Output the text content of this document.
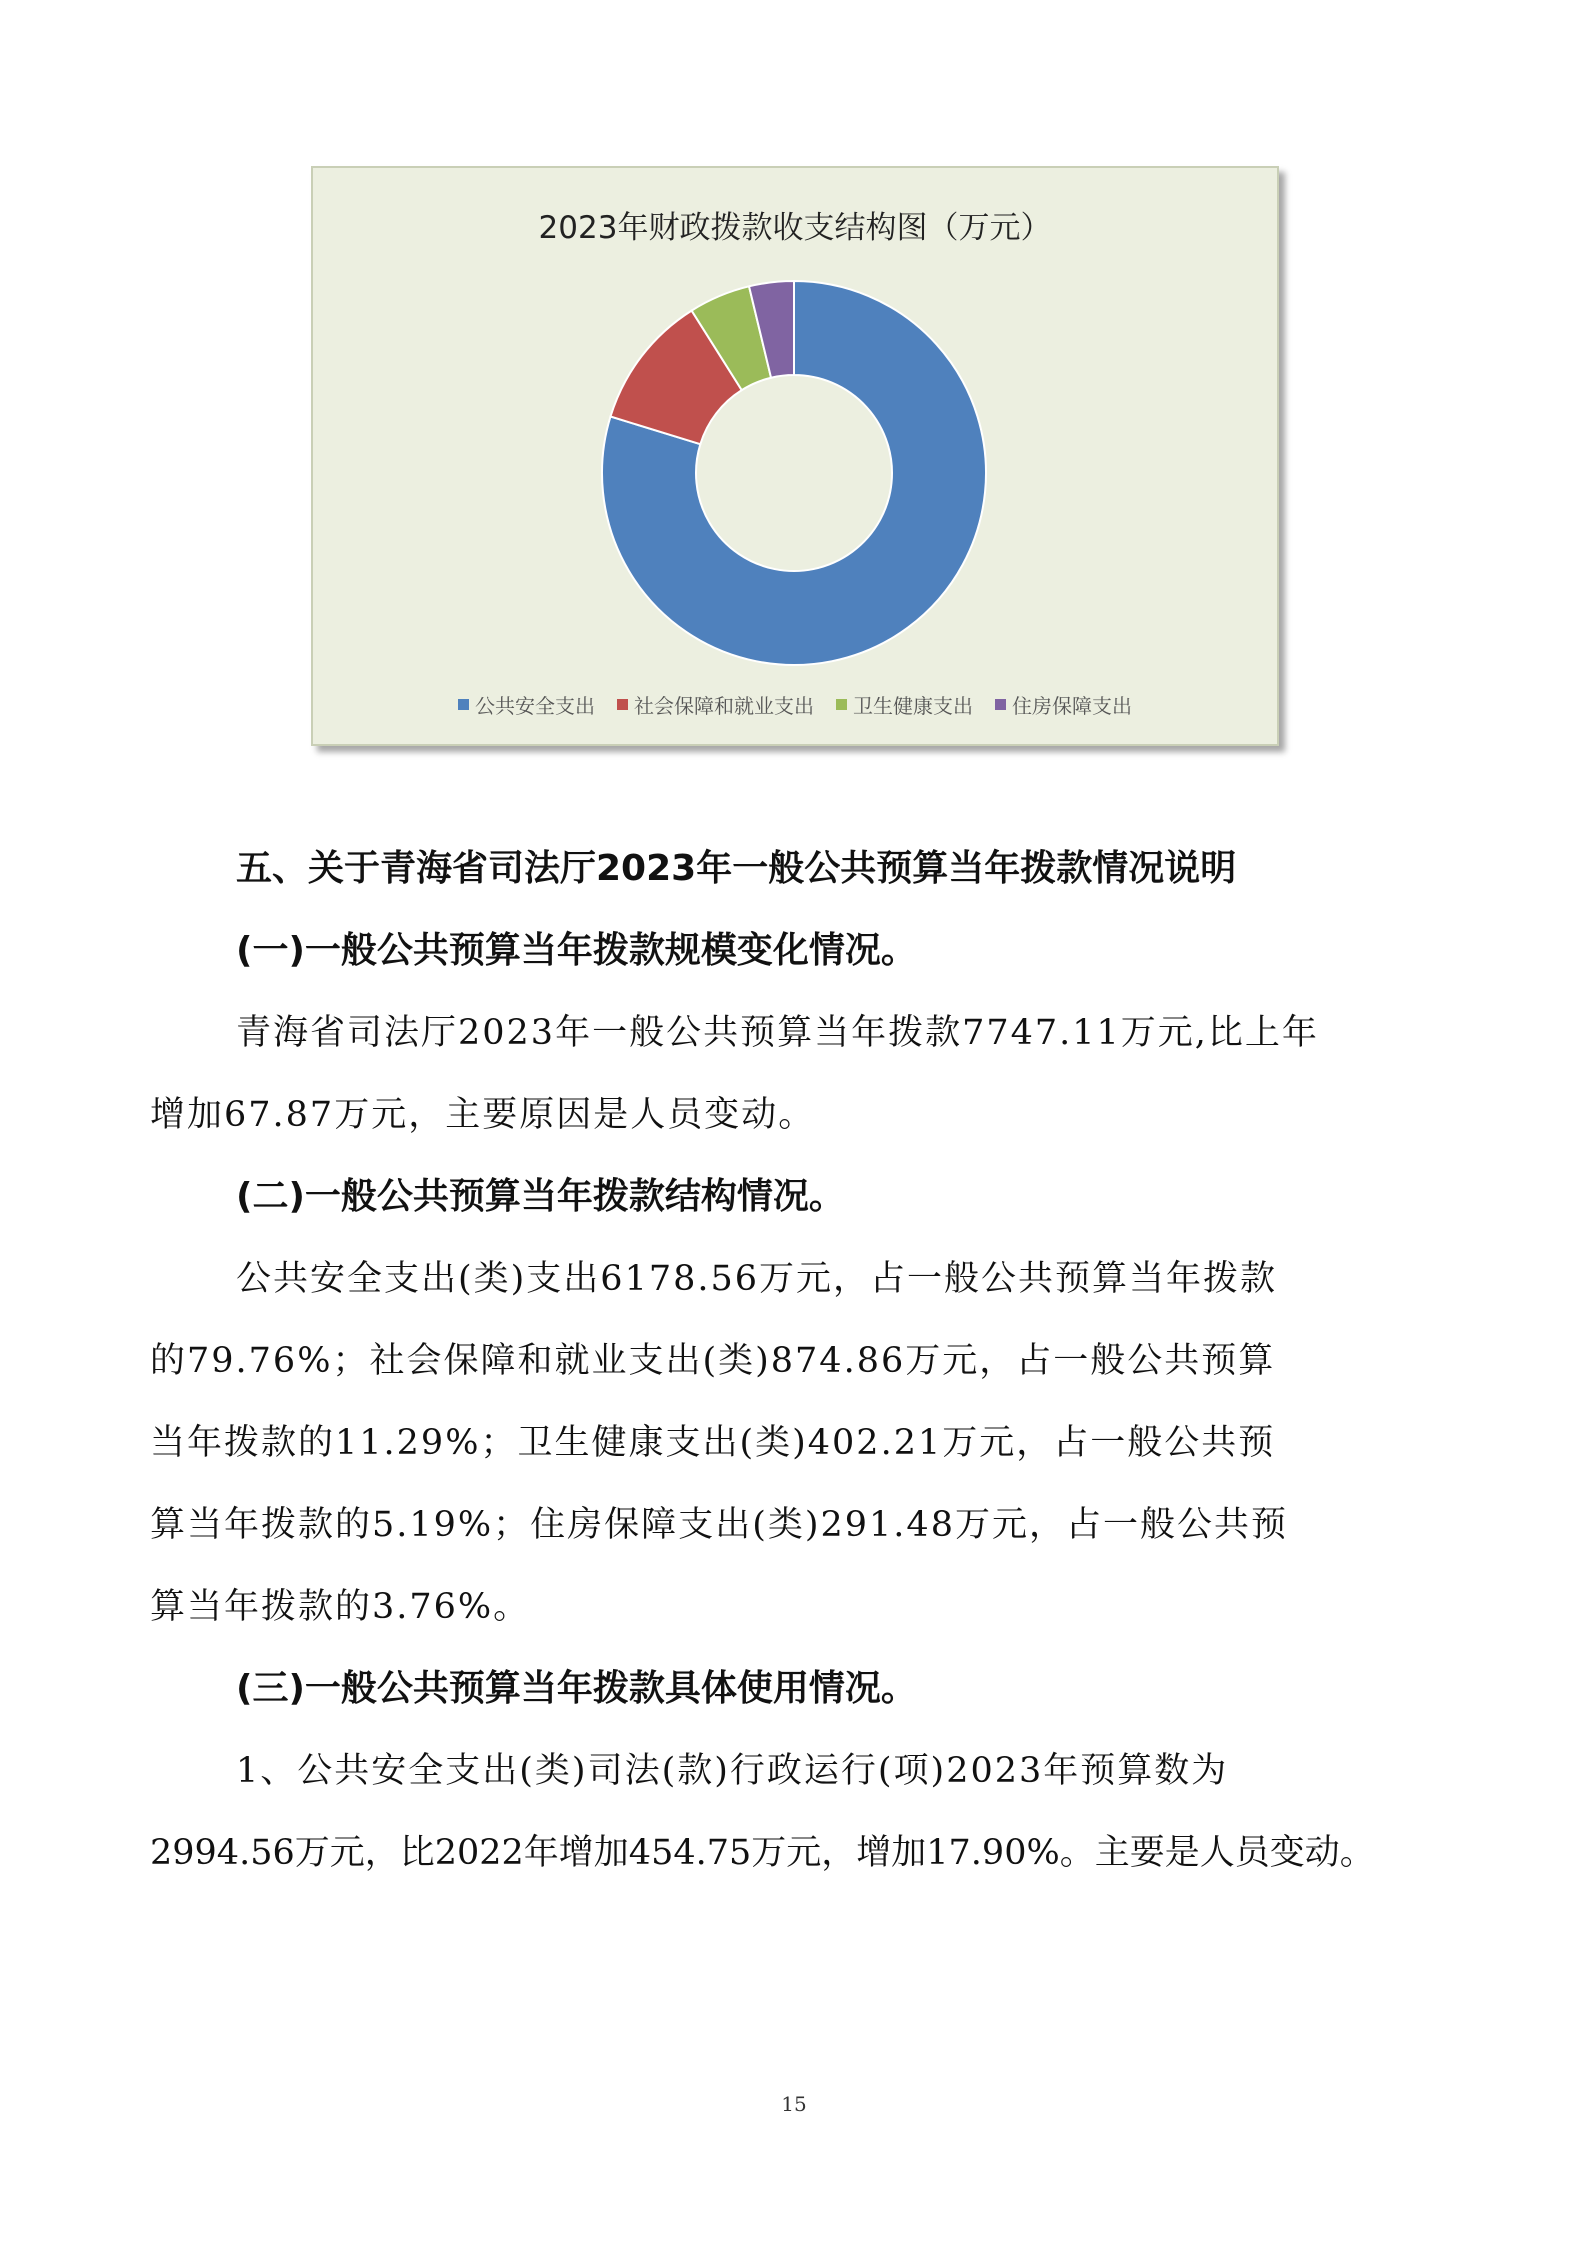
2023年财政拨款收支结构图（万元）
公共安全支出 社会保障和就业支出 卫生健康支出 住房保障支出
五、关于青海省司法厅2023年一般公共预算当年拨款情况说明
(一)一般公共预算当年拨款规模变化情况。
青海省司法厅2023年一般公共预算当年拨款7747.11万元,比上年
增加67.87万元，主要原因是人员变动。
(二)一般公共预算当年拨款结构情况。
公共安全支出(类)支出6178.56万元，占一般公共预算当年拨款
的79.76%；社会保障和就业支出(类)874.86万元，占一般公共预算
当年拨款的11.29%；卫生健康支出(类)402.21万元，占一般公共预
算当年拨款的5.19%；住房保障支出(类)291.48万元，占一般公共预
算当年拨款的3.76%。
(三)一般公共预算当年拨款具体使用情况。
1、公共安全支出(类)司法(款)行政运行(项)2023年预算数为
2994.56万元，比2022年增加454.75万元，增加17.90%。主要是人员变动。
15
